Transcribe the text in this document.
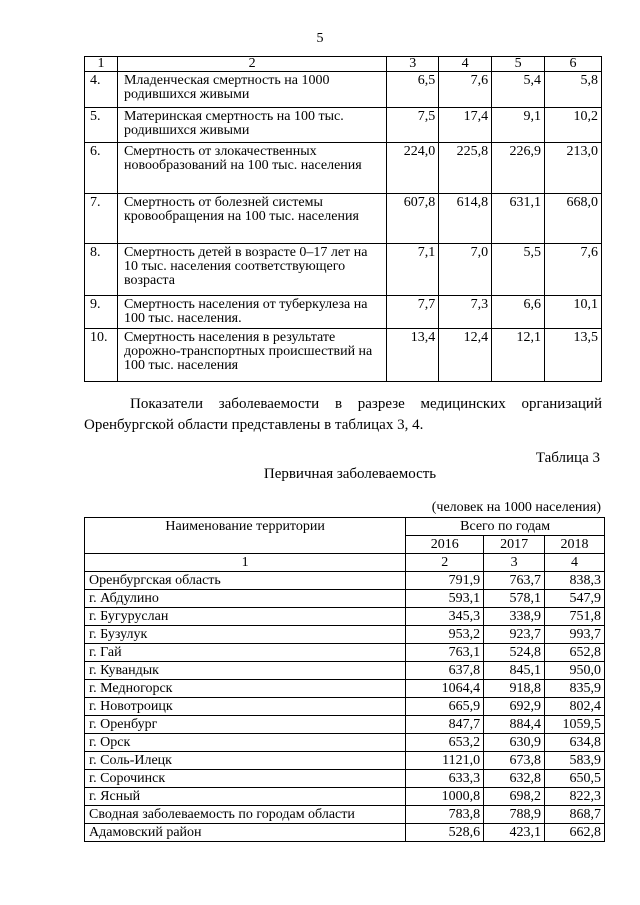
5
1	2	3	4	5	6
4.	Младенческая смертность на 1000 родившихся живыми	6,5	7,6	5,4	5,8
5.	Материнская смертность на 100 тыс. родившихся живыми	7,5	17,4	9,1	10,2
6.	Смертность от злокачественных новообразований на 100 тыс. населения	224,0	225,8	226,9	213,0
7.	Смертность от болезней системы кровообращения на 100 тыс. населения	607,8	614,8	631,1	668,0
8.	Смертность детей в возрасте 0–17 лет на 10 тыс. населения соответствующего возраста	7,1	7,0	5,5	7,6
9.	Смертность населения от туберкулеза на 100 тыс. населения.	7,7	7,3	6,6	10,1
10.	Смертность населения в результате дорожно-транспортных происшествий на 100 тыс. населения	13,4	12,4	12,1	13,5

Показатели заболеваемости в разрезе медицинских организаций Оренбургской области представлены в таблицах 3, 4.

Таблица 3
Первичная заболеваемость
(человек на 1000 населения)
Наименование территории	Всего по годам		
	2016	2017	2018
1	2	3	4
Оренбургская область	791,9	763,7	838,3
г. Абдулино	593,1	578,1	547,9
г. Бугуруслан	345,3	338,9	751,8
г. Бузулук	953,2	923,7	993,7
г. Гай	763,1	524,8	652,8
г. Кувандык	637,8	845,1	950,0
г. Медногорск	1064,4	918,8	835,9
г. Новотроицк	665,9	692,9	802,4
г. Оренбург	847,7	884,4	1059,5
г. Орск	653,2	630,9	634,8
г. Соль-Илецк	1121,0	673,8	583,9
г. Сорочинск	633,3	632,8	650,5
г. Ясный	1000,8	698,2	822,3
Сводная заболеваемость по городам области	783,8	788,9	868,7
Адамовский район	528,6	423,1	662,8
